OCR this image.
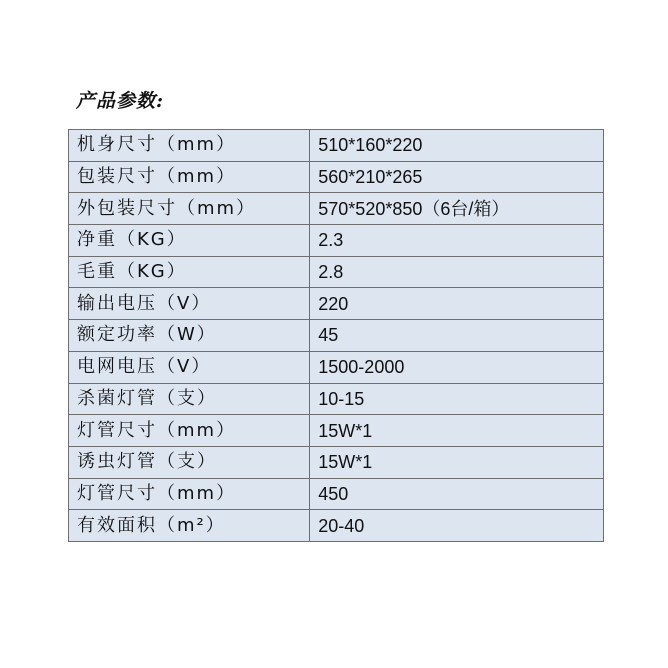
产品参数:
机身尺寸（mm）	510*160*220
包装尺寸（mm）	560*210*265
外包装尺寸（mm）	570*520*850（6台/箱）
净重（KG）	2.3
毛重（KG）	2.8
输出电压（V）	220
额定功率（W）	45
电网电压（V）	1500-2000
杀菌灯管（支）	10-15
灯管尺寸（mm）	15W*1
诱虫灯管（支）	15W*1
灯管尺寸（mm）	450
有效面积（m²）	20-40
